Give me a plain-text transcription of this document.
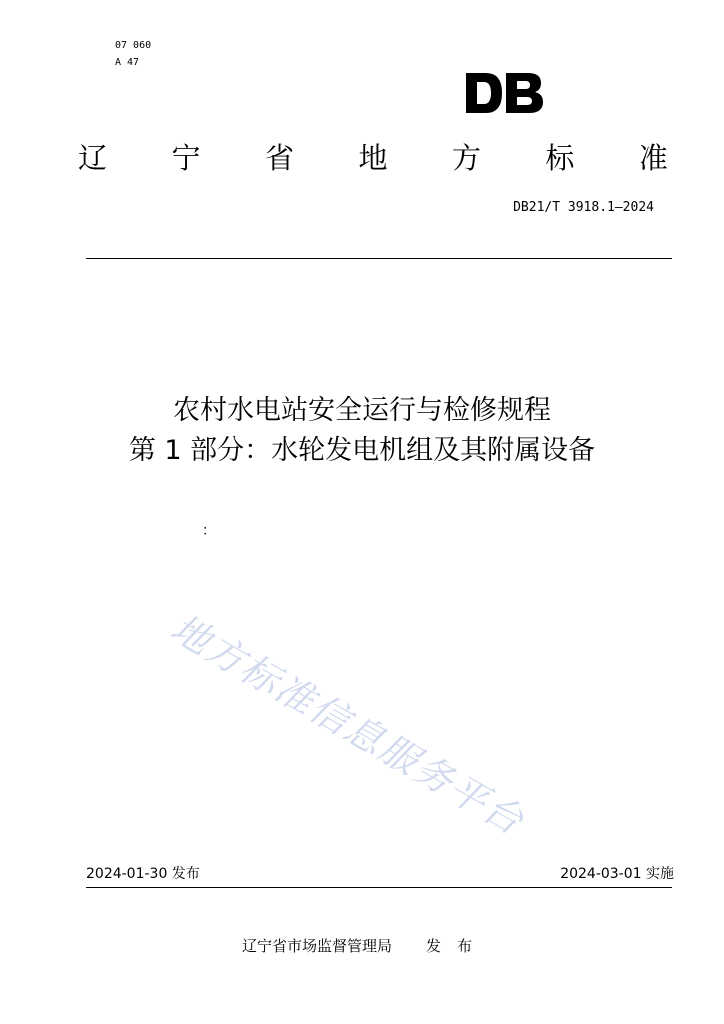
07 060
A 47
辽 宁 省 地 方 标 准
DB21/T 3918.1—2024
农村水电站安全运行与检修规程
第 1 部分：水轮发电机组及其附属设备
：
地方标准信息服务平台
2024-01-30 发布	2024-03-01 实施
辽宁省市场监督管理局 发布
